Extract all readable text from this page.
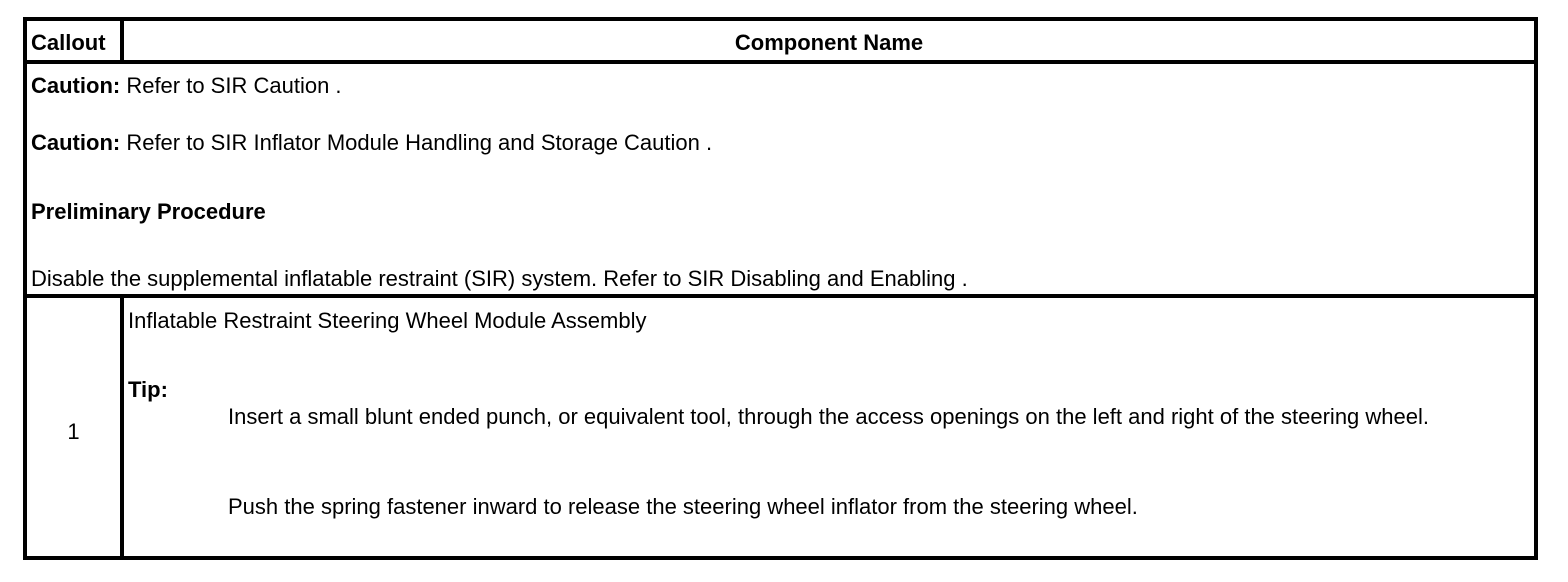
Callout	Component Name
Caution: Refer to SIR Caution .
Caution: Refer to SIR Inflator Module Handling and Storage Caution .
Preliminary Procedure
Disable the supplemental inflatable restraint (SIR) system. Refer to SIR Disabling and Enabling .
1
Inflatable Restraint Steering Wheel Module Assembly
Tip:
Insert a small blunt ended punch, or equivalent tool, through the access openings on the left and right of the steering wheel.
Push the spring fastener inward to release the steering wheel inflator from the steering wheel.
